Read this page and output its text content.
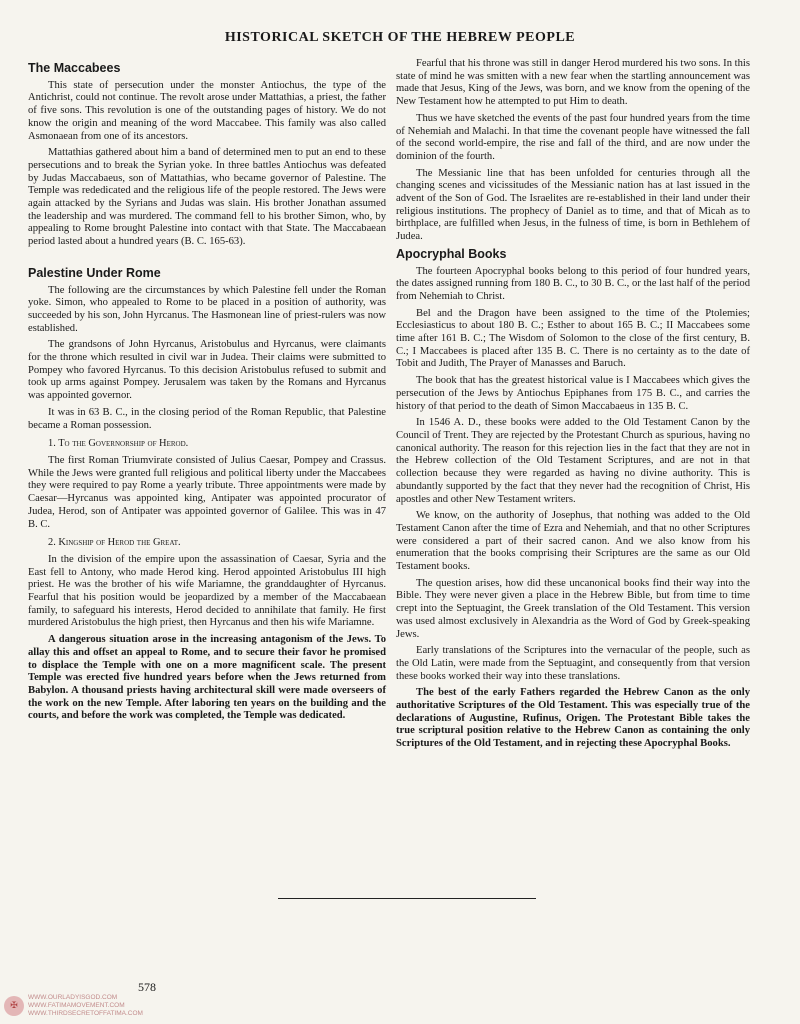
HISTORICAL SKETCH OF THE HEBREW PEOPLE
The Maccabees

This state of persecution under the monster Antiochus, the type of the Antichrist, could not continue. The revolt arose under Mattathias, a priest, the father of five sons. This revolution is one of the outstanding pages of history. We do not know the origin and meaning of the word Maccabee. This family was also called Asmonaean from one of its ancestors.

Mattathias gathered about him a band of determined men to put an end to these persecutions and to break the Syrian yoke. In three battles Antiochus was defeated by Judas Maccabaeus, son of Mattathias, who became governor of Palestine. The Temple was rededicated and the religious life of the people restored. The Jews were again attacked by the Syrians and Judas was slain. His brother Jonathan assumed the leadership and was murdered. The command fell to his brother Simon, who, by appealing to Rome brought Palestine into contact with that State. The Maccabaean period lasted about a hundred years (B. C. 165-63).

Palestine Under Rome

The following are the circumstances by which Palestine fell under the Roman yoke. Simon, who appealed to Rome to be placed in a position of authority, was succeeded by his son, John Hyrcanus. The Hasmonean line of priest-rulers was now established.

The grandsons of John Hyrcanus, Aristobulus and Hyrcanus, were claimants for the throne which resulted in civil war in Judea. Their claims were submitted to Pompey who favored Hyrcanus. To this decision Aristobulus refused to submit and took up arms against Pompey. Jerusalem was taken by the Romans and Hyrcanus was appointed governor.

It was in 63 B. C., in the closing period of the Roman Republic, that Palestine became a Roman possession.

1. To the Governorship of Herod.

The first Roman Triumvirate consisted of Julius Caesar, Pompey and Crassus. While the Jews were granted full religious and political liberty under the Maccabees they were required to pay Rome a yearly tribute. Three appointments were made by Caesar—Hyrcanus was appointed king, Antipater was appointed procurator of Judea, Herod, son of Antipater was appointed governor of Galilee. This was in 47 B. C.

2. Kingship of Herod the Great.

In the division of the empire upon the assassination of Caesar, Syria and the East fell to Antony, who made Herod king. Herod appointed Aristobulus III high priest. He was the brother of his wife Mariamne, the granddaughter of Hyrcanus. Fearful that his position would be jeopardized by a member of the Maccabaean family, to safeguard his interests, Herod decided to annihilate that family. He first murdered Aristobulus the high priest, then Hyrcanus and then his wife Mariamne.

A dangerous situation arose in the increasing antagonism of the Jews. To allay this and offset an appeal to Rome, and to secure their favor he promised to displace the Temple with one on a more magnificent scale. The present Temple was erected five hundred years before when the Jews returned from Babylon. A thousand priests having architectural skill were made overseers of the work on the new Temple. After laboring ten years on the building and the courts, and before the work was completed, the Temple was dedicated.

Fearful that his throne was still in danger Herod murdered his two sons. In this state of mind he was smitten with a new fear when the startling announcement was made that Jesus, King of the Jews, was born, and we know from the opening of the New Testament how he attempted to put Him to death.

Thus we have sketched the events of the past four hundred years from the time of Nehemiah and Malachi. In that time the covenant people have witnessed the fall of the second world-empire, the rise and fall of the third, and are now under the dominion of the fourth.

The Messianic line that has been unfolded for centuries through all the changing scenes and vicissitudes of the Messianic nation has at last issued in the advent of the Son of God. The Israelites are re-established in their land under their religious institutions. The prophecy of Daniel as to time, and that of Micah as to birthplace, are fulfilled when Jesus, in the fulness of time, is born in Bethlehem of Judea.

Apocryphal Books

The fourteen Apocryphal books belong to this period of four hundred years, the dates assigned running from 180 B. C., to 30 B. C., or the last half of the period from Nehemiah to Christ.

Bel and the Dragon have been assigned to the time of the Ptolemies; Ecclesiasticus to about 180 B. C.; Esther to about 165 B. C.; II Maccabees some time after 161 B. C.; The Wisdom of Solomon to the close of the first century, B. C.; I Maccabees is placed after 135 B. C. There is no certainty as to the date of Tobit and Judith, The Prayer of Manasses and Baruch.

The book that has the greatest historical value is I Maccabees which gives the persecution of the Jews by Antiochus Epiphanes from 175 B. C., and carries the history of that period to the death of Simon Maccabaeus in 135 B. C.

In 1546 A. D., these books were added to the Old Testament Canon by the Council of Trent. They are rejected by the Protestant Church as spurious, having no canonical authority. The reason for this rejection lies in the fact that they are not in the Hebrew collection of the Old Testament Scriptures, and are not in that collection because they were regarded as having no divine authority. This is abundantly supported by the fact that they never had the recognition of Christ, His apostles and other New Testament writers.

We know, on the authority of Josephus, that nothing was added to the Old Testament Canon after the time of Ezra and Nehemiah, and that no other Scriptures were considered a part of their sacred canon. And we also know from his enumeration that the books comprising their Scriptures are the same as our Old Testament books.

The question arises, how did these uncanonical books find their way into the Bible. They were never given a place in the Hebrew Bible, but from time to time crept into the Septuagint, the Greek translation of the Old Testament. This version was used almost exclusively in Alexandria as the Word of God by Greek-speaking Jews.

Early translations of the Scriptures into the vernacular of the people, such as the Old Latin, were made from the Septuagint, and consequently from that version these books worked their way into these translations.

The best of the early Fathers regarded the Hebrew Canon as the only authoritative Scriptures of the Old Testament. This was especially true of the declarations of Augustine, Rufinus, Origen. The Protestant Bible takes the true scriptural position relative to the Hebrew Canon as containing the only Scriptures of the Old Testament, and in rejecting these Apocryphal Books.

578
✠
WWW.OURLADYISGOD.COM
WWW.FATIMAMOVEMENT.COM
WWW.THIRDSECRETOFFATIMA.COM
